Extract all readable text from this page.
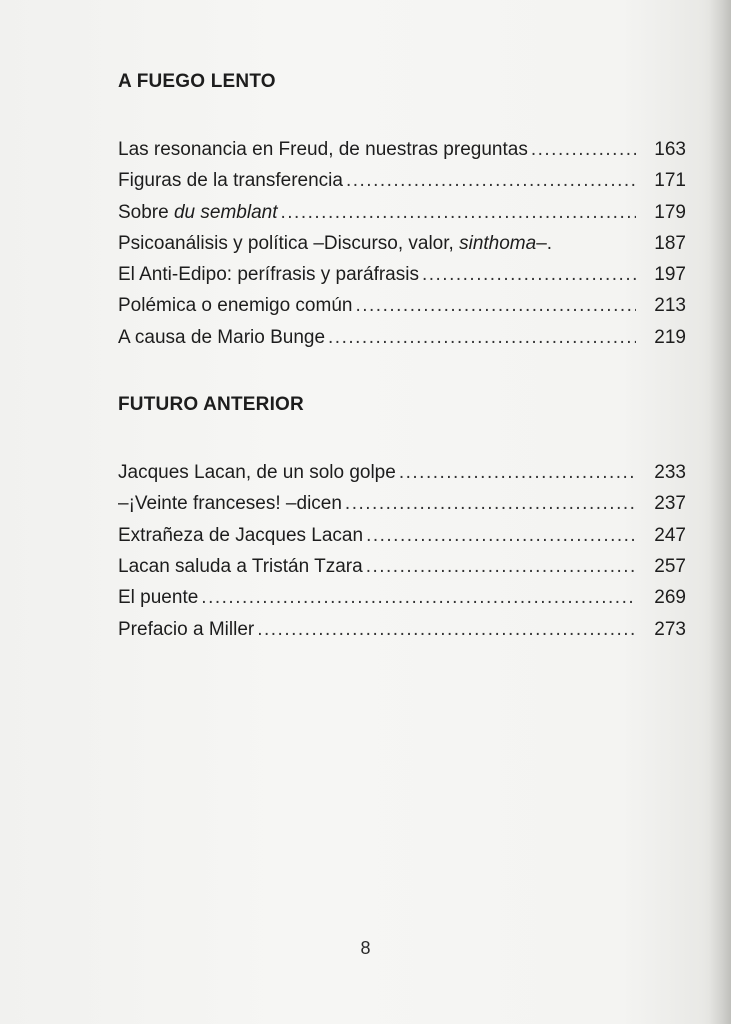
A FUEGO LENTO
Las resonancia en Freud, de nuestras preguntas .....	163
Figuras de la transferencia .....	171
Sobre du semblant .....	179
Psicoanálisis y política –Discurso, valor, sinthoma–.	187
El Anti-Edipo: perífrasis y paráfrasis .....	197
Polémica o enemigo común .....	213
A causa de Mario Bunge .....	219
FUTURO ANTERIOR
Jacques Lacan, de un solo golpe .....	233
–¡Veinte franceses! –dicen .....	237
Extrañeza de Jacques Lacan .....	247
Lacan saluda a Tristán Tzara .....	257
El puente .....	269
Prefacio a Miller .....	273
8
